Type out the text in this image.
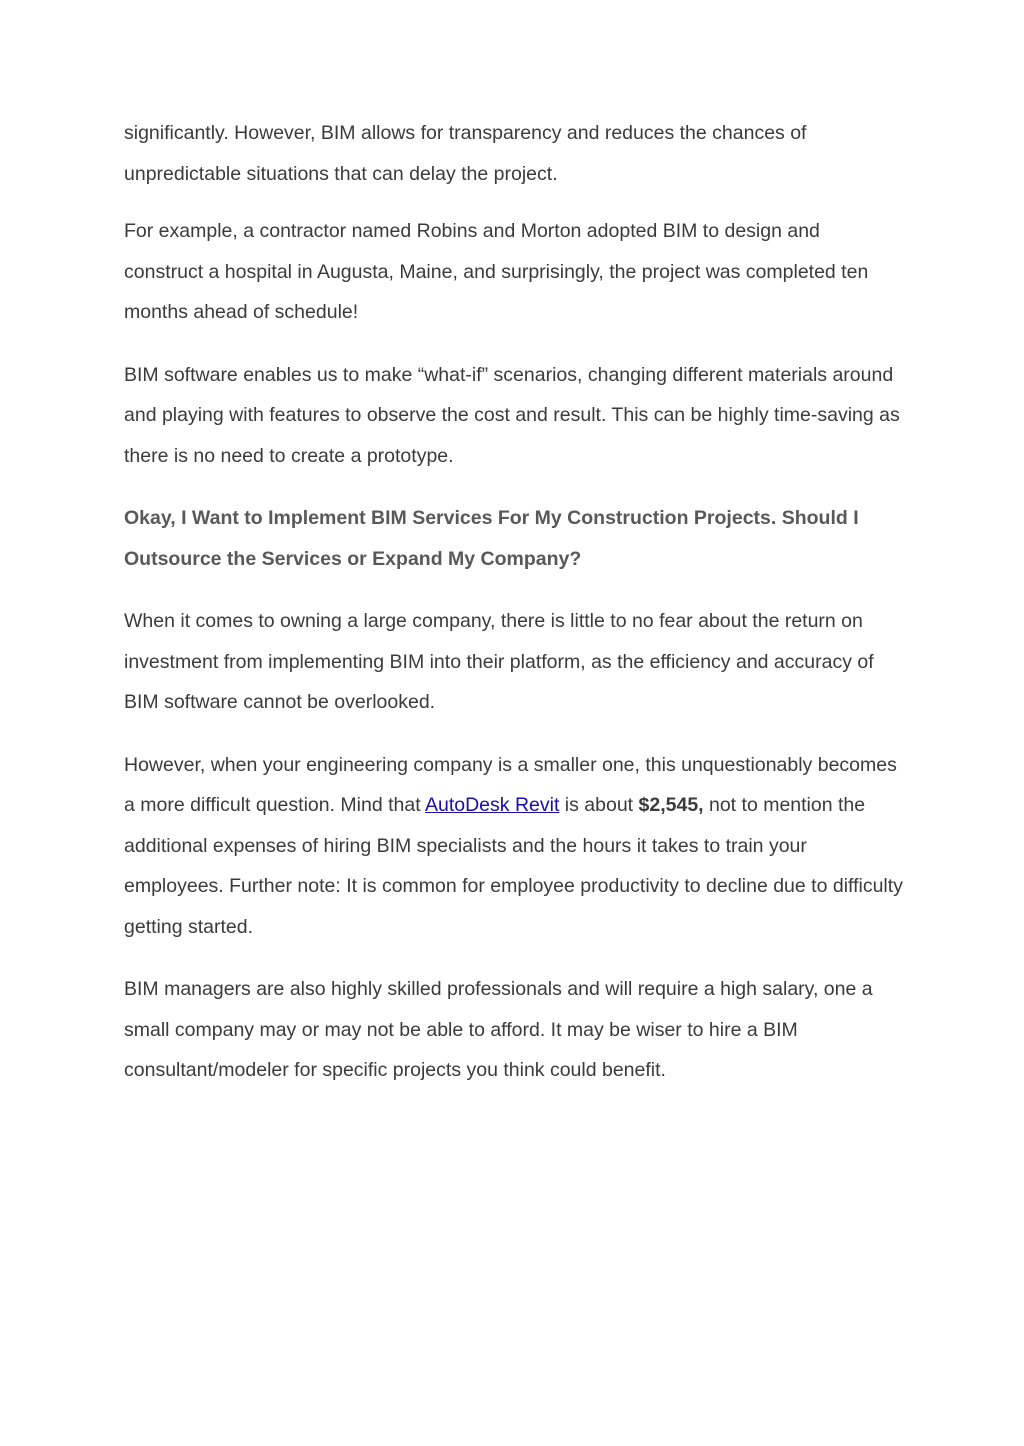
significantly. However, BIM allows for transparency and reduces the chances of unpredictable situations that can delay the project.

For example, a contractor named Robins and Morton adopted BIM to design and construct a hospital in Augusta, Maine, and surprisingly, the project was completed ten months ahead of schedule!

BIM software enables us to make “what-if” scenarios, changing different materials around and playing with features to observe the cost and result. This can be highly time-saving as there is no need to create a prototype.

Okay, I Want to Implement BIM Services For My Construction Projects. Should I Outsource the Services or Expand My Company?

When it comes to owning a large company, there is little to no fear about the return on investment from implementing BIM into their platform, as the efficiency and accuracy of BIM software cannot be overlooked.

However, when your engineering company is a smaller one, this unquestionably becomes a more difficult question. Mind that AutoDesk Revit is about $2,545, not to mention the additional expenses of hiring BIM specialists and the hours it takes to train your employees. Further note: It is common for employee productivity to decline due to difficulty getting started.

BIM managers are also highly skilled professionals and will require a high salary, one a small company may or may not be able to afford. It may be wiser to hire a BIM consultant/modeler for specific projects you think could benefit.
